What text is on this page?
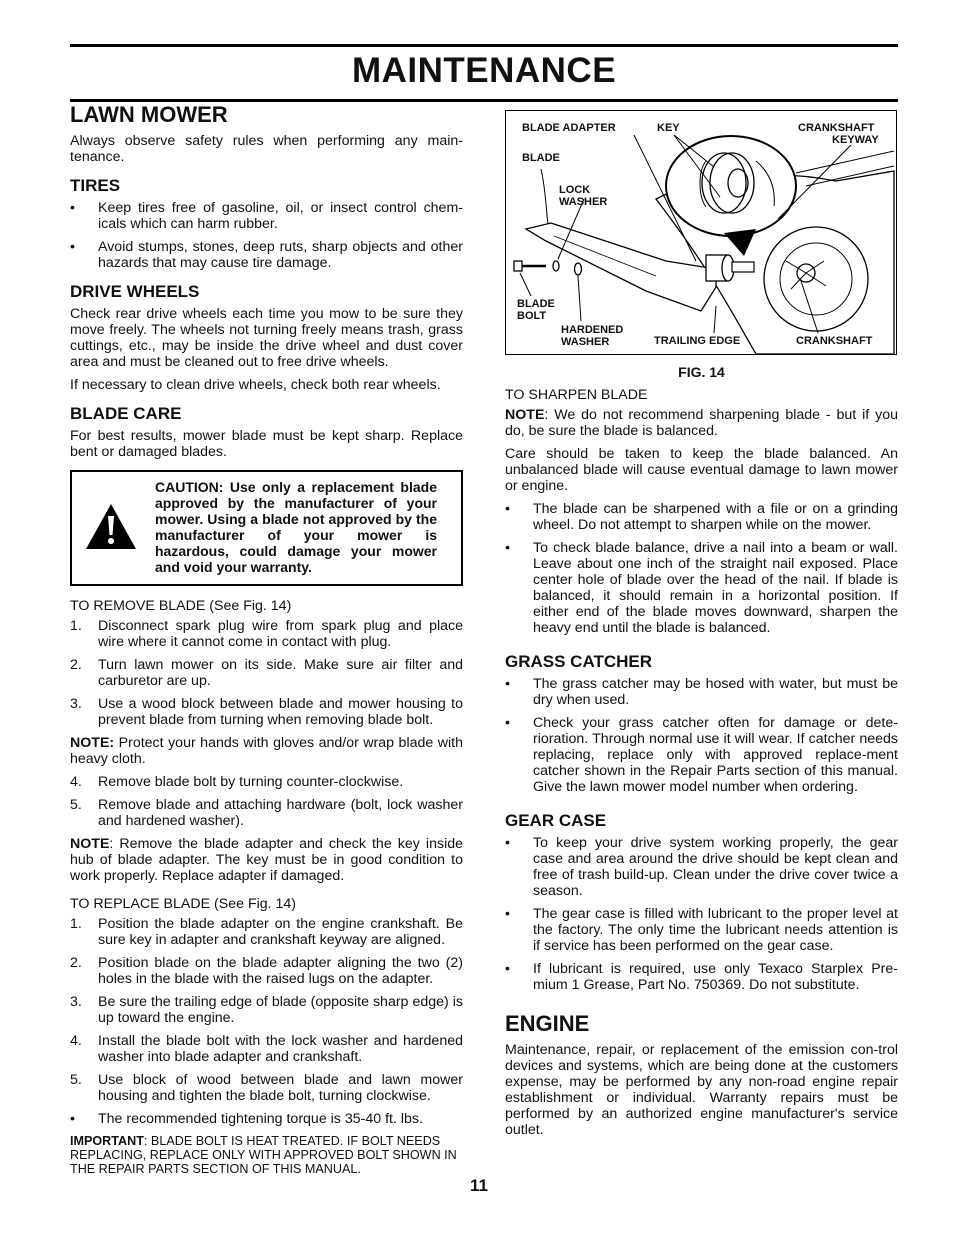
MAINTENANCE
LAWN MOWER

Always observe safety rules when performing any main-tenance.

TIRES
• Keep tires free of gasoline, oil, or insect control chem-icals which can harm rubber.
• Avoid stumps, stones, deep ruts, sharp objects and other hazards that may cause tire damage.
DRIVE WHEELS

Check rear drive wheels each time you mow to be sure they move freely. The wheels not turning freely means trash, grass cuttings, etc., may be inside the drive wheel and dust cover area and must be cleaned out to free drive wheels.

If necessary to clean drive wheels, check both rear wheels.

BLADE CARE

For best results, mower blade must be kept sharp. Replace bent or damaged blades.

CAUTION: Use only a replacement blade approved by the manufacturer of your mower. Using a blade not approved by the manufacturer of your mower is hazardous, could damage your mower and void your warranty.

TO REMOVE BLADE (See Fig. 14)

1. Disconnect spark plug wire from spark plug and place wire where it cannot come in contact with plug.
2. Turn lawn mower on its side. Make sure air filter and carburetor are up.
3. Use a wood block between blade and mower housing to prevent blade from turning when removing blade bolt.

NOTE: Protect your hands with gloves and/or wrap blade with heavy cloth.

4. Remove blade bolt by turning counter-clockwise.
5. Remove blade and attaching hardware (bolt, lock washer and hardened washer).

NOTE: Remove the blade adapter and check the key inside hub of blade adapter. The key must be in good condition to work properly. Replace adapter if damaged.

TO REPLACE BLADE (See Fig. 14)

1. Position the blade adapter on the engine crankshaft. Be sure key in adapter and crankshaft keyway are aligned.
2. Position blade on the blade adapter aligning the two (2) holes in the blade with the raised lugs on the adapter.
3. Be sure the trailing edge of blade (opposite sharp edge) is up toward the engine.
4. Install the blade bolt with the lock washer and hardened washer into blade adapter and crankshaft.
5. Use block of wood between blade and lawn mower housing and tighten the blade bolt, turning clockwise.
• The recommended tightening torque is 35-40 ft. lbs.
IMPORTANT: BLADE BOLT IS HEAT TREATED. IF BOLT NEEDS REPLACING, REPLACE ONLY WITH APPROVED BOLT SHOWN IN THE REPAIR PARTS SECTION OF THIS MANUAL.
BLADE ADAPTER	KEY	CRANKSHAFT
KEYWAY
BLADE
LOCK
WASHER
BLADE
BOLT
HARDENED
WASHER	TRAILING EDGE	CRANKSHAFT
FIG. 14

TO SHARPEN BLADE

NOTE: We do not recommend sharpening blade - but if you do, be sure the blade is balanced.

Care should be taken to keep the blade balanced. An unbalanced blade will cause eventual damage to lawn mower or engine.

• The blade can be sharpened with a file or on a grinding wheel. Do not attempt to sharpen while on the mower.
• To check blade balance, drive a nail into a beam or wall. Leave about one inch of the straight nail exposed. Place center hole of blade over the head of the nail. If blade is balanced, it should remain in a horizontal position. If either end of the blade moves downward, sharpen the heavy end until the blade is balanced.
GRASS CATCHER
• The grass catcher may be hosed with water, but must be dry when used.
• Check your grass catcher often for damage or dete-rioration. Through normal use it will wear. If catcher needs replacing, replace only with approved replace-ment catcher shown in the Repair Parts section of this manual. Give the lawn mower model number when ordering.
GEAR CASE
• To keep your drive system working properly, the gear case and area around the drive should be kept clean and free of trash build-up. Clean under the drive cover twice a season.
• The gear case is filled with lubricant to the proper level at the factory. The only time the lubricant needs attention is if service has been performed on the gear case.
• If lubricant is required, use only Texaco Starplex Pre-mium 1 Grease, Part No. 750369. Do not substitute.
ENGINE

Maintenance, repair, or replacement of the emission con-trol devices and systems, which are being done at the customers expense, may be performed by any non-road engine repair establishment or individual. Warranty repairs must be performed by an authorized engine manufacturer's service outlet.

11
